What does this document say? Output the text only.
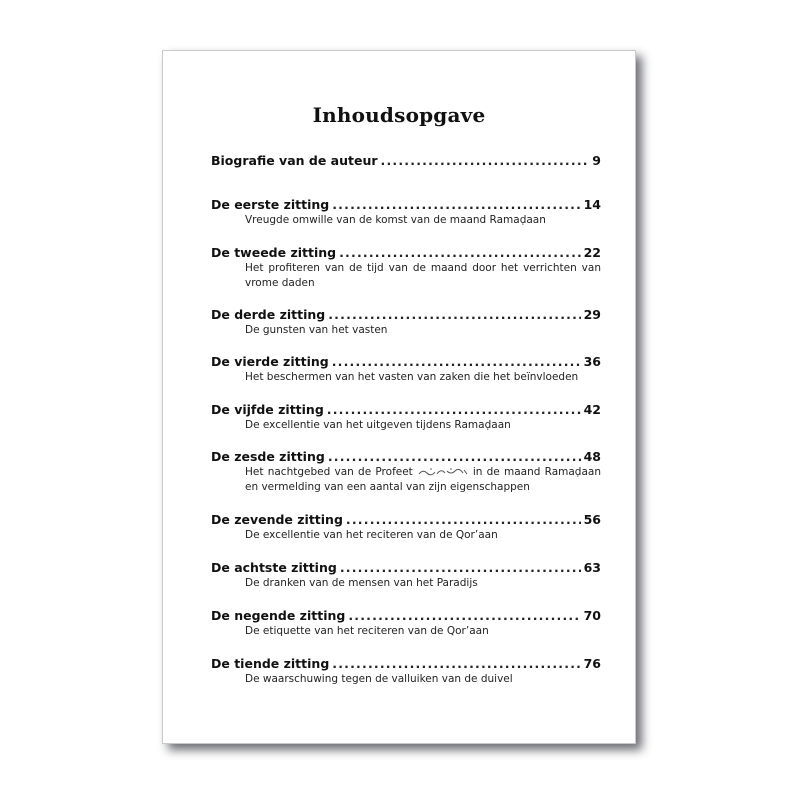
Inhoudsopgave
Biografie van de auteur .....	9
De eerste zitting .....	14
Vreugde omwille van de komst van de maand Ramaḍaan
De tweede zitting .....	22
Het profiteren van de tijd van de maand door het verrichten van vrome daden
De derde zitting .....	29
De gunsten van het vasten
De vierde zitting .....	36
Het beschermen van het vasten van zaken die het beïnvloeden
De vijfde zitting .....	42
De excellentie van het uitgeven tijdens Ramaḍaan
De zesde zitting .....	48
Het nachtgebed van de Profeet	in de maand Ramaḍaan en vermelding van een aantal van zijn eigenschappen
De zevende zitting .....	56
De excellentie van het reciteren van de Qor’aan
De achtste zitting .....	63
De dranken van de mensen van het Paradijs
De negende zitting .....	70
De etiquette van het reciteren van de Qor’aan
De tiende zitting .....	76
De waarschuwing tegen de valluiken van de duivel
